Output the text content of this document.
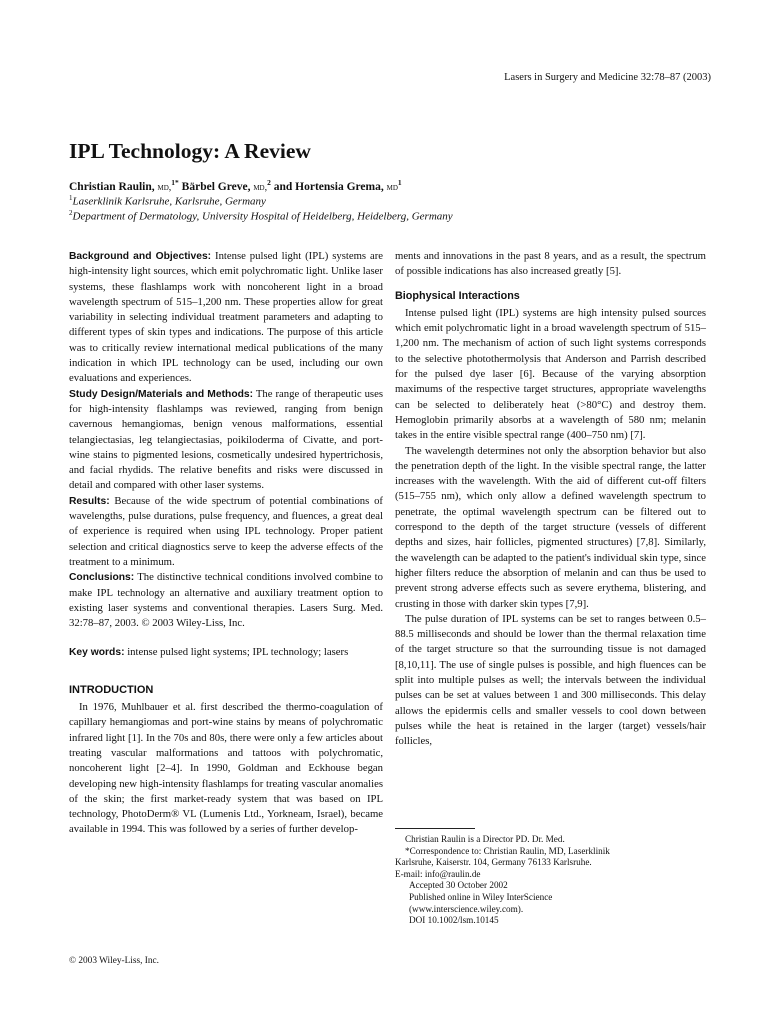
Lasers in Surgery and Medicine 32:78–87 (2003)
IPL Technology: A Review
Christian Raulin, md,$^{1*}$ Bärbel Greve, md,$^2$ and Hortensia Grema, $md^1$
$^1$Laserklinik Karlsruhe, Karlsruhe, Germany
$^2$Department of Dermatology, University Hospital of Heidelberg, Heidelberg, Germany

Background and Objectives: Intense pulsed light (IPL) systems are high-intensity light sources, which emit polychromatic light. Unlike laser systems, these flashlamps work with noncoherent light in a broad wavelength spectrum of 515–1,200 nm. These properties allow for great variability in selecting individual treatment parameters and adapting to different types of skin types and indications. The purpose of this article was to critically review international medical publications of the many indication in which IPL technology can be used, including our own evaluations and experiences.

Study Design/Materials and Methods: The range of therapeutic uses for high-intensity flashlamps was reviewed, ranging from benign cavernous hemangiomas, benign venous malformations, essential telangiectasias, leg telangiectasias, poikiloderma of Civatte, and port-wine stains to pigmented lesions, cosmetically undesired hypertrichosis, and facial rhydids. The relative benefits and risks were discussed in detail and compared with other laser systems.

Results: Because of the wide spectrum of potential combinations of wavelengths, pulse durations, pulse frequency, and fluences, a great deal of experience is required when using IPL technology. Proper patient selection and critical diagnostics serve to keep the adverse effects of the treatment to a minimum.

Conclusions: The distinctive technical conditions involved combine to make IPL technology an alternative and auxiliary treatment option to existing laser systems and conventional therapies. Lasers Surg. Med. 32:78–87, 2003. © 2003 Wiley-Liss, Inc.

Key words: intense pulsed light systems; IPL technology; lasers

INTRODUCTION

In 1976, Muhlbauer et al. first described the thermo-coagulation of capillary hemangiomas and port-wine stains by means of polychromatic infrared light [1]. In the 70s and 80s, there were only a few articles about treating vascular malformations and tattoos with polychromatic, noncoherent light [2–4]. In 1990, Goldman and Eckhouse began developing new high-intensity flashlamps for treating vascular anomalies of the skin; the first market-ready system that was based on IPL technology, PhotoDerm® VL (Lumenis Ltd., Yorkneam, Israel), became available in 1994. This was followed by a series of further develop-

ments and innovations in the past 8 years, and as a result, the spectrum of possible indications has also increased greatly [5].

Biophysical Interactions

Intense pulsed light (IPL) systems are high intensity pulsed sources which emit polychromatic light in a broad wavelength spectrum of 515–1,200 nm. The mechanism of action of such light systems corresponds to the selective photothermolysis that Anderson and Parrish described for the pulsed dye laser [6]. Because of the varying absorption maximums of the respective target structures, appropriate wavelengths can be selected to deliberately heat (>80°C) and destroy them. Hemoglobin primarily absorbs at a wavelength of 580 nm; melanin takes in the entire visible spectral range (400–750 nm) [7].

The wavelength determines not only the absorption behavior but also the penetration depth of the light. In the visible spectral range, the latter increases with the wavelength. With the aid of different cut-off filters (515–755 nm), which only allow a defined wavelength spectrum to penetrate, the optimal wavelength spectrum can be filtered out to correspond to the depth of the target structure (vessels of different depths and sizes, hair follicles, pigmented structures) [7,8]. Similarly, the wavelength can be adapted to the patient's individual skin type, since higher filters reduce the absorption of melanin and can thus be used to prevent strong adverse effects such as severe erythema, blistering, and crusting in those with darker skin types [7,9].

The pulse duration of IPL systems can be set to ranges between 0.5–88.5 milliseconds and should be lower than the thermal relaxation time of the target structure so that the surrounding tissue is not damaged [8,10,11]. The use of single pulses is possible, and high fluences can be split into multiple pulses as well; the intervals between the individual pulses can be set at values between 1 and 300 milliseconds. This delay allows the epidermis cells and smaller vessels to cool down between pulses while the heat is retained in the larger (target) vessels/hair follicles,

Christian Raulin is a Director PD. Dr. Med.
*Correspondence to: Christian Raulin, MD, Laserklinik
Karlsruhe, Kaiserstr. 104, Germany 76133 Karlsruhe.
E-mail: info@raulin.de
Accepted 30 October 2002
Published online in Wiley InterScience
(www.interscience.wiley.com).
DOI 10.1002/lsm.10145
© 2003 Wiley-Liss, Inc.
